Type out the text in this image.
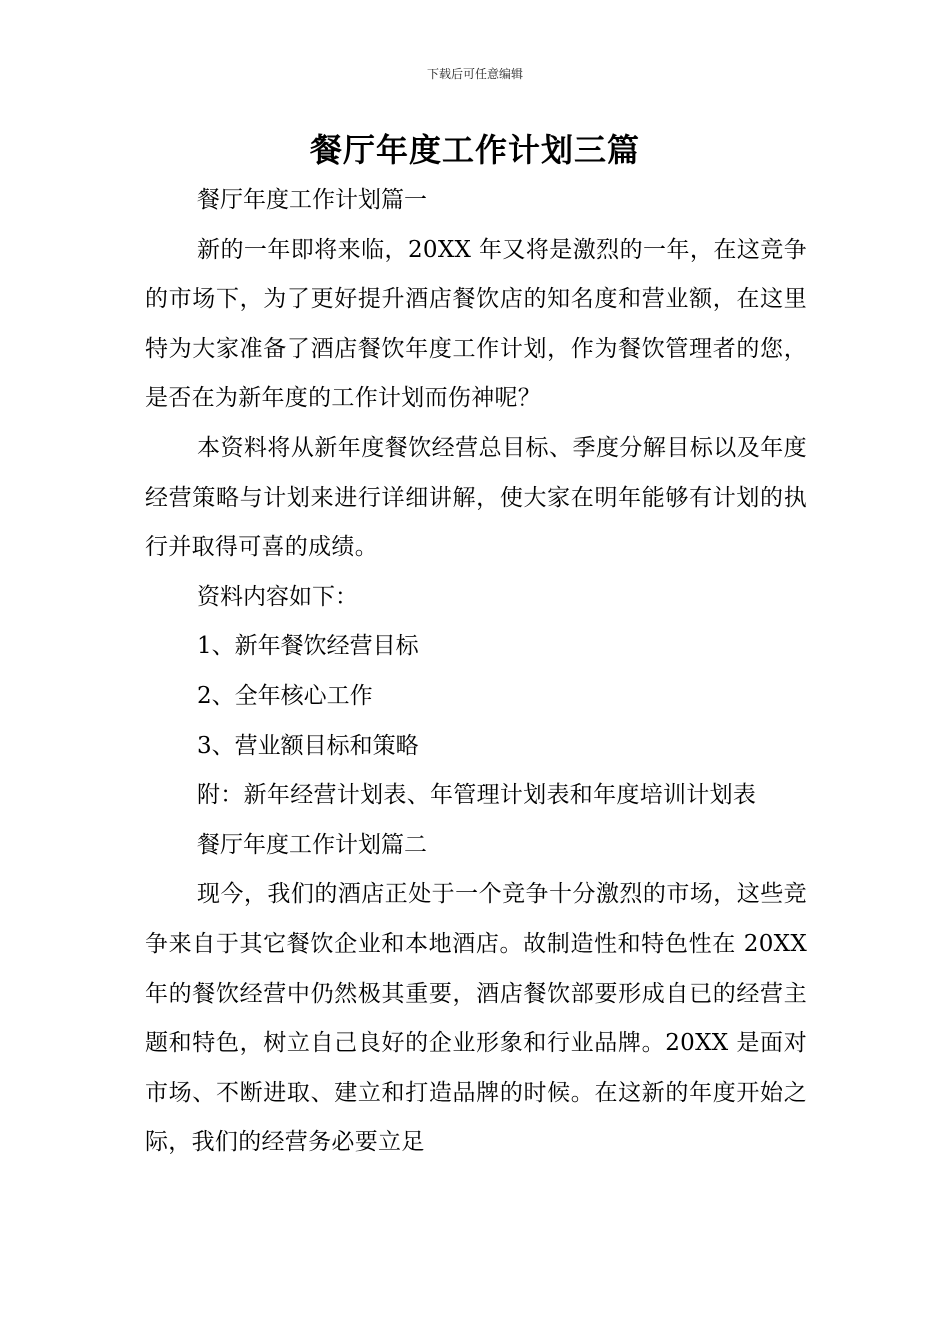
下载后可任意编辑
餐厅年度工作计划三篇

餐厅年度工作计划篇一

新的一年即将来临，20XX 年又将是激烈的一年，在这竞争的市场下，为了更好提升酒店餐饮店的知名度和营业额，在这里特为大家准备了酒店餐饮年度工作计划，作为餐饮管理者的您，是否在为新年度的工作计划而伤神呢？

本资料将从新年度餐饮经营总目标、季度分解目标以及年度经营策略与计划来进行详细讲解，使大家在明年能够有计划的执行并取得可喜的成绩。

资料内容如下：

1、新年餐饮经营目标

2、全年核心工作

3、营业额目标和策略

附：新年经营计划表、年管理计划表和年度培训计划表

餐厅年度工作计划篇二

现今，我们的酒店正处于一个竞争十分激烈的市场，这些竞争来自于其它餐饮企业和本地酒店。故制造性和特色性在 20XX 年的餐饮经营中仍然极其重要，酒店餐饮部要形成自已的经营主题和特色，树立自己良好的企业形象和行业品牌。20XX 是面对市场、不断进取、建立和打造品牌的时候。在这新的年度开始之际，我们的经营务必要立足
